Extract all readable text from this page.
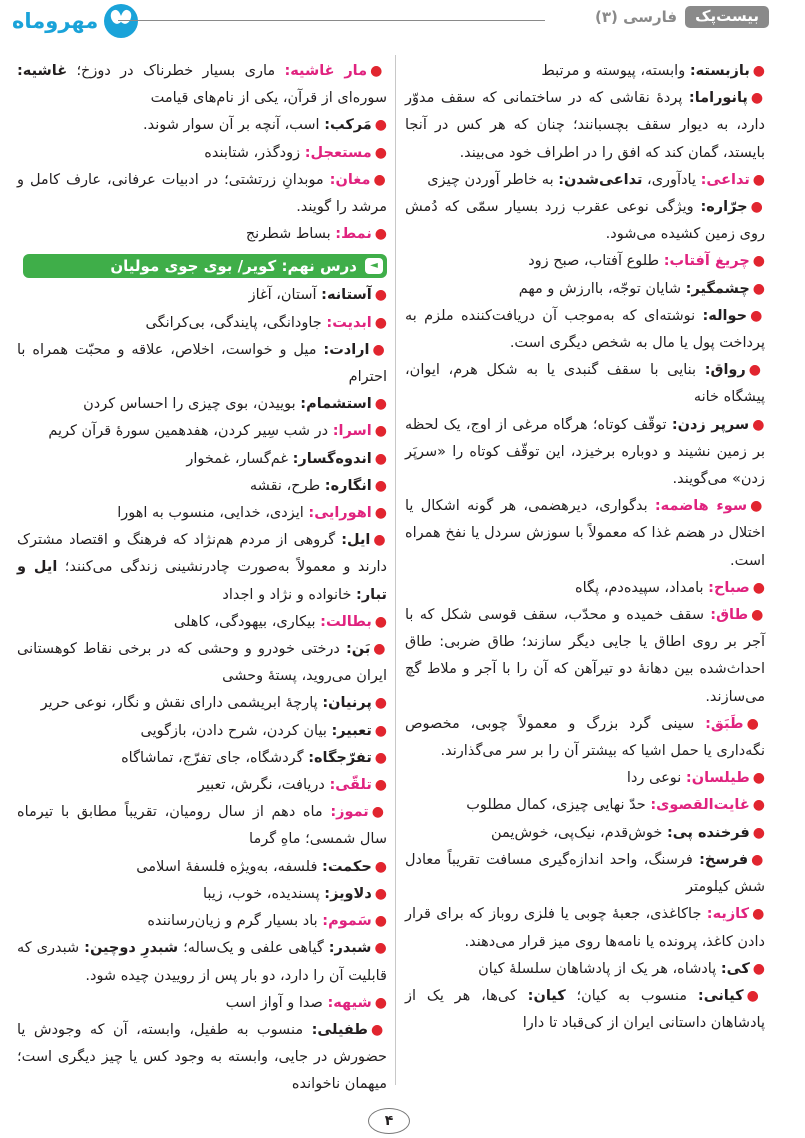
مهروماه	بیست‌پک
فارسی (۳)

●بازبسته: وابسته، پیوسته و مرتبط

●پانوراما: پردهٔ نقاشی که در ساختمانی که سقف مدوّر دارد، به دیوار سقف بچسبانند؛ چنان که هر کس در آنجا بایستد، گمان کند که افق را در اطراف خود می‌بیند.

●تداعی: یادآوری، تداعی‌شدن: به خاطر آوردن چیزی

●جرّاره: ویژگی نوعی عقرب زرد بسیار سمّی که دُمش روی زمین کشیده می‌شود.

●چریغ آفتاب: طلوع آفتاب، صبح زود

●چشمگیر: شایان توجّه، باارزش و مهم

●حواله: نوشته‌ای که به‌موجب آن دریافت‌کننده ملزم به پرداخت پول یا مال به شخص دیگری است.

●رواق: بنایی با سقف گنبدی یا به شکل هرم، ایوان، پیشگاه خانه

●سرپر زدن: توقّف کوتاه؛ هرگاه مرغی از اوج، یک لحظه بر زمین نشیند و دوباره برخیزد، این توقّف کوتاه را «سرپَر زدن» می‌گویند.

●سوء هاضمه: بدگواری، دیرهضمی، هر گونه اشکال یا اختلال در هضم غذا که معمولاً با سوزش سردل یا نفخ همراه است.

●صباح: بامداد، سپیده‌دم، پگاه

●طاق: سقف خمیده و محدّب، سقف قوسی شکل که با آجر بر روی اطاق یا جایی دیگر سازند؛ طاق ضربی: طاق احداث‌شده بین دهانهٔ دو تیرآهن که آن را با آجر و ملاط گچ می‌سازند.

●طَبَق: سینی گرد بزرگ و معمولاً چوبی، مخصوص نگه‌داری یا حمل اشیا که بیشتر آن را بر سر می‌گذارند.

●طیلسان: نوعی ردا

●غایت‌القصوی: حدّ نهایی چیزی، کمال مطلوب

●فرخنده پی: خوش‌قدم، نیک‌پی، خوش‌یمن

●فرسخ: فرسنگ، واحد اندازه‌گیری مسافت تقریباً معادل شش کیلومتر

●کازیه: جاکاغذی، جعبهٔ چوبی یا فلزی روباز که برای قرار دادن کاغذ، پرونده یا نامه‌ها روی میز قرار می‌دهند.

●کی: پادشاه، هر یک از پادشاهان سلسلهٔ کیان

●کیانی: منسوب به کیان؛ کیان: کی‌ها، هر یک از پادشاهان داستانی ایران از کی‌قباد تا دارا

●مار غاشیه: ماری بسیار خطرناک در دوزخ؛ غاشیه: سوره‌ای از قرآن، یکی از نام‌های قیامت

●مَرکب: اسب، آنچه بر آن سوار شوند.

●مستعجل: زودگذر، شتابنده

●مغان: موبدانِ زرتشتی؛ در ادبیات عرفانی، عارف کامل و مرشد را گویند.

●نمط: بساط شطرنج

◄
درس نهم: کویر/ بوی جوی مولیان

●آستانه: آستان، آغاز

●ابدیت: جاودانگی، پایندگی، بی‌کرانگی

●ارادت: میل و خواست، اخلاص، علاقه و محبّت همراه با احترام

●استشمام: بوییدن، بوی چیزی را احساس کردن

●اسرا: در شب سِیر کردن، هفدهمین سورهٔ قرآن کریم

●اندوه‌گسار: غم‌گسار، غمخوار

●انگاره: طرح، نقشه

●اهورایی: ایزدی، خدایی، منسوب به اهورا

●ایل: گروهی از مردم هم‌نژاد که فرهنگ و اقتصاد مشترک دارند و معمولاً به‌صورت چادرنشینی زندگی می‌کنند؛ ایل و تبار: خانواده و نژاد و اجداد

●بطالت: بیکاری، بیهودگی، کاهلی

●بَن: درختی خودرو و وحشی که در برخی نقاط کوهستانی ایران می‌روید، پستهٔ وحشی

●پرنیان: پارچهٔ ابریشمی دارای نقش و نگار، نوعی حریر

●تعبیر: بیان کردن، شرح دادن، بازگویی

●تفرّجگاه: گردشگاه، جای تفرّج، تماشاگاه

●تلقّی: دریافت، نگرش، تعبیر

●تموز: ماه دهم از سال رومیان، تقریباً مطابق با تیرماه سال شمسی؛ ماهِ گرما

●حکمت: فلسفه، به‌ویژه فلسفهٔ اسلامی

●دلاویز: پسندیده، خوب، زیبا

●سَموم: باد بسیار گرم و زیان‌رساننده

●شبدر: گیاهی علفی و یک‌ساله؛ شبدرِ دوچین: شبدری که قابلیت آن را دارد، دو بار پس از روییدن چیده شود.

●شیهه: صدا و آواز اسب

●طفیلی: منسوب به طفیل، وابسته، آن که وجودش یا حضورش در جایی، وابسته به وجود کس یا چیز دیگری است؛ میهمان ناخوانده

۴
